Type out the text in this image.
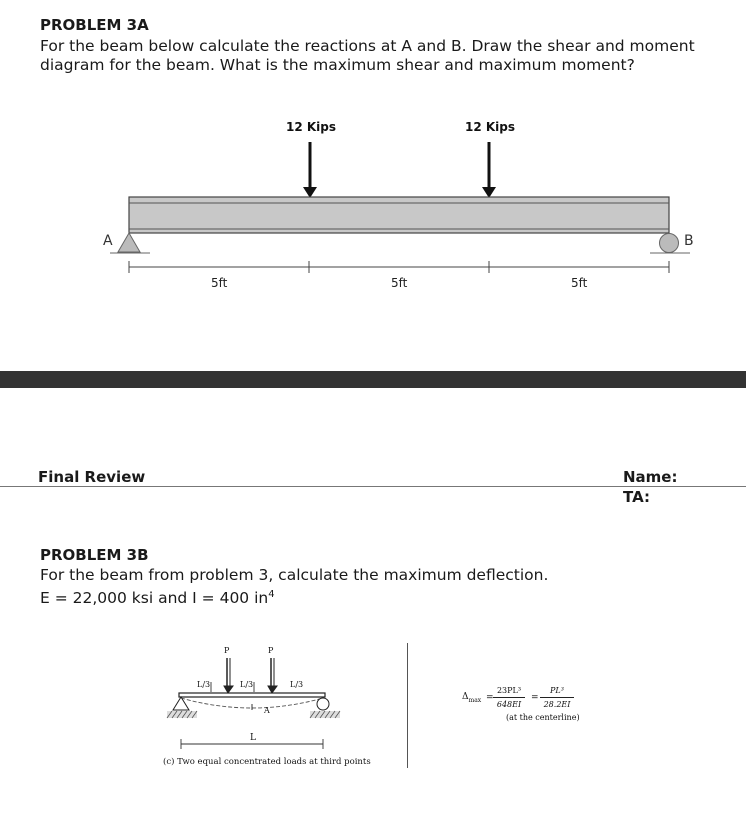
PROBLEM 3A
For the beam below calculate the reactions at A and B. Draw the shear and moment
diagram for the beam. What is the maximum shear and maximum moment?
12 Kips	12 Kips
A	B
5ft	5ft	5ft
Final Review	Name:
TA:
PROBLEM 3B
For the beam from problem 3, calculate the maximum deflection.
E = 22,000 ksi and I = 400 $in^4$
P	P
L/3	L/3	L/3
A
L
(c) Two equal concentrated loads at third points
$\Delta_{max}$ =
23PL³
648EI
=
PL³
28.2EI
(at the centerline)
